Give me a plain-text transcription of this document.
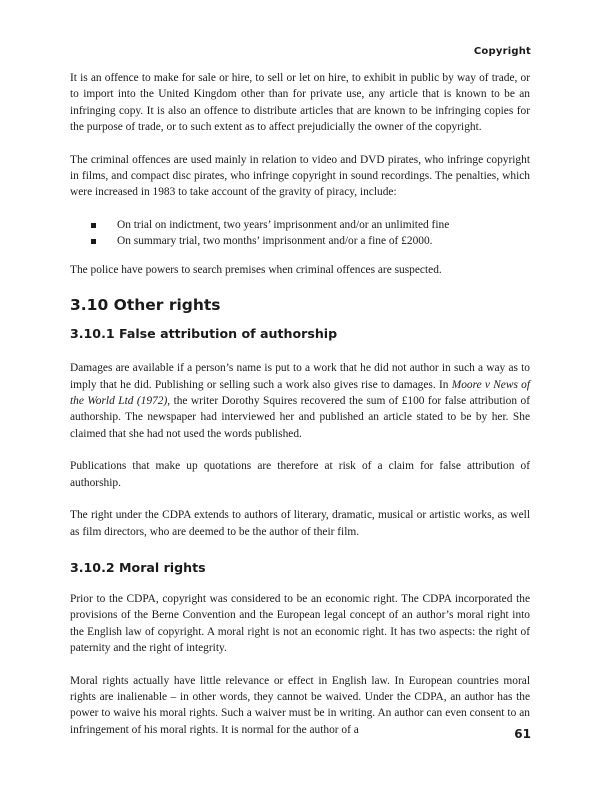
Copyright

It is an offence to make for sale or hire, to sell or let on hire, to exhibit in public by way of trade, or to import into the United Kingdom other than for private use, any article that is known to be an infringing copy. It is also an offence to distribute articles that are known to be infringing copies for the purpose of trade, or to such extent as to affect prejudicially the owner of the copyright.

The criminal offences are used mainly in relation to video and DVD pirates, who infringe copyright in films, and compact disc pirates, who infringe copyright in sound recordings. The penalties, which were increased in 1983 to take account of the gravity of piracy, include:

On trial on indictment, two years’ imprisonment and/or an unlimited fine
On summary trial, two months’ imprisonment and/or a fine of £2000.

The police have powers to search premises when criminal offences are suspected.

3.10 Other rights
3.10.1 False attribution of authorship

Damages are available if a person’s name is put to a work that he did not author in such a way as to imply that he did. Publishing or selling such a work also gives rise to damages. In Moore v News of the World Ltd (1972), the writer Dorothy Squires recovered the sum of £100 for false attribution of authorship. The newspaper had interviewed her and published an article stated to be by her. She claimed that she had not used the words published.

Publications that make up quotations are therefore at risk of a claim for false attribution of authorship.

The right under the CDPA extends to authors of literary, dramatic, musical or artistic works, as well as film directors, who are deemed to be the author of their film.

3.10.2 Moral rights

Prior to the CDPA, copyright was considered to be an economic right. The CDPA incorporated the provisions of the Berne Convention and the European legal concept of an author’s moral right into the English law of copyright. A moral right is not an economic right. It has two aspects: the right of paternity and the right of integrity.

Moral rights actually have little relevance or effect in English law. In European countries moral rights are inalienable – in other words, they cannot be waived. Under the CDPA, an author has the power to waive his moral rights. Such a waiver must be in writing. An author can even consent to an infringement of his moral rights. It is normal for the author of a	61
